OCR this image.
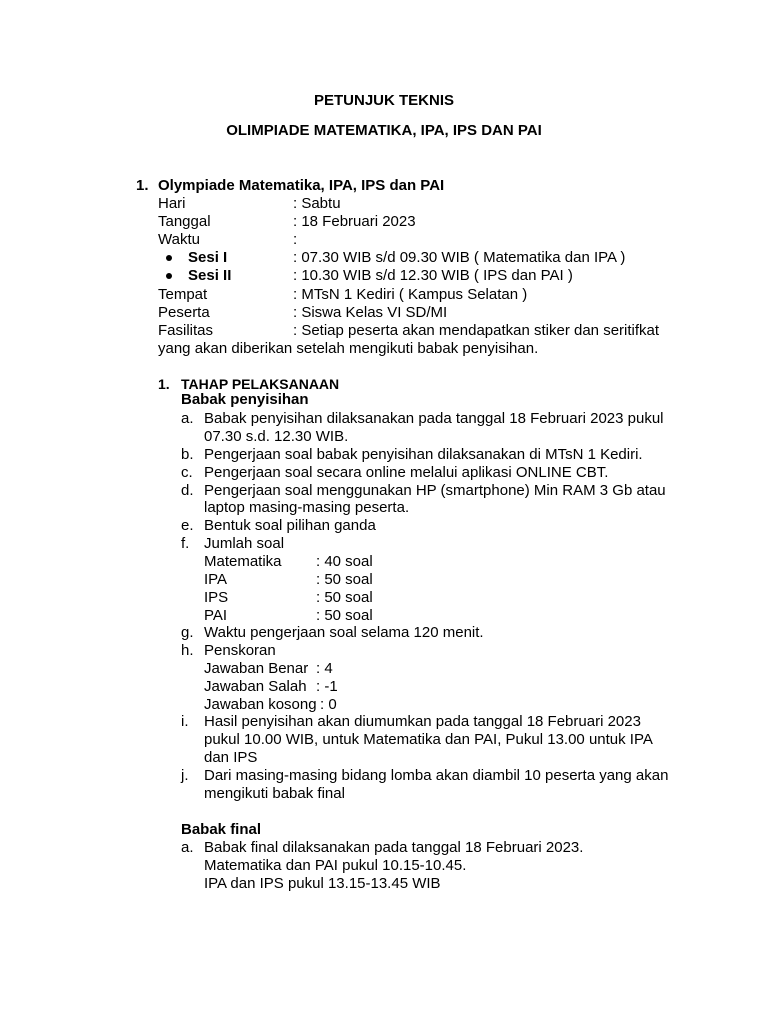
PETUNJUK TEKNIS
OLIMPIADE MATEMATIKA, IPA, IPS DAN PAI
1. Olympiade Matematika, IPA, IPS dan PAI
Hari	: Sabtu
Tanggal	: 18 Februari 2023
Waktu	:
Sesi I	: 07.30 WIB s/d 09.30 WIB ( Matematika dan IPA )
Sesi II	: 10.30 WIB s/d 12.30 WIB ( IPS dan PAI )
Tempat	: MTsN 1 Kediri ( Kampus Selatan )
Peserta	: Siswa Kelas VI SD/MI
Fasilitas	: Setiap peserta akan mendapatkan stiker dan seritifkat
yang akan diberikan setelah mengikuti babak penyisihan.
1. TAHAP PELAKSANAAN
Babak penyisihan
a. Babak penyisihan dilaksanakan pada tanggal 18 Februari 2023 pukul
07.30 s.d. 12.30 WIB.
b. Pengerjaan soal babak penyisihan dilaksanakan di MTsN 1 Kediri.
c. Pengerjaan soal secara online melalui aplikasi ONLINE CBT.
d. Pengerjaan soal menggunakan HP (smartphone) Min RAM 3 Gb atau
laptop masing-masing peserta.
e. Bentuk soal pilihan ganda
f. Jumlah soal
Matematika : 40 soal
IPA	: 50 soal
IPS	: 50 soal
PAI	: 50 soal
g. Waktu pengerjaan soal selama 120 menit.
h. Penskoran
Jawaban Benar : 4
Jawaban Salah : -1
Jawaban kosong : 0
i. Hasil penyisihan akan diumumkan pada tanggal 18 Februari 2023
pukul 10.00 WIB, untuk Matematika dan PAI, Pukul 13.00 untuk IPA
dan IPS
j. Dari masing-masing bidang lomba akan diambil 10 peserta yang akan
mengikuti babak final
Babak final
a. Babak final dilaksanakan pada tanggal 18 Februari 2023.
Matematika dan PAI pukul 10.15-10.45.
IPA dan IPS pukul 13.15-13.45 WIB
